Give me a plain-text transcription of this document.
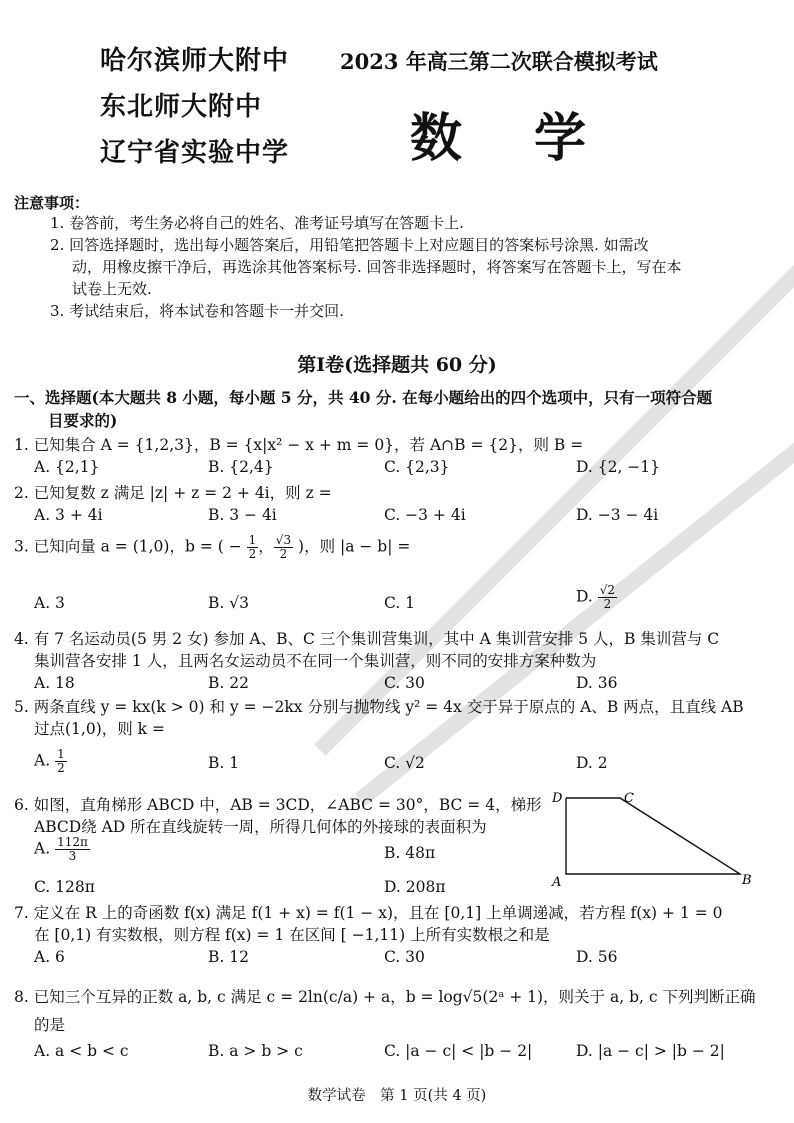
哈尔滨师大附中
东北师大附中
辽宁省实验中学
2023 年高三第二次联合模拟考试
数学
注意事项：
1. 卷答前，考生务必将自己的姓名、准考证号填写在答题卡上.
2. 回答选择题时，选出每小题答案后，用铅笔把答题卡上对应题目的答案标号涂黑. 如需改
动，用橡皮擦干净后，再选涂其他答案标号. 回答非选择题时，将答案写在答题卡上，写在本
试卷上无效.
3. 考试结束后，将本试卷和答题卡一并交回.
第Ⅰ卷(选择题共 60 分)
一、选择题(本大题共 8 小题，每小题 5 分，共 40 分. 在每小题给出的四个选项中，只有一项符合题
目要求的)
1. 已知集合 A = {1,2,3}，B = {x|x² − x + m = 0}，若 A∩B = {2}，则 B =
A. {2,1}	B. {2,4}	C. {2,3}	D. {2, −1}
2. 已知复数 z 满足 |z| + z = 2 + 4i，则 z =
A. 3 + 4i	B. 3 − 4i	C. −3 + 4i	D. −3 − 4i
3. 已知向量 a = (1,0)，b = ( − $\frac{1}{2}$ ， $\frac{√3}{2}$ )，则 |a − b| =
A. 3	B. √3	C. 1	D. $\frac{√2}{2}$
4. 有 7 名运动员(5 男 2 女) 参加 A、B、C 三个集训营集训，其中 A 集训营安排 5 人，B 集训营与 C
集训营各安排 1 人，且两名女运动员不在同一个集训营，则不同的安排方案种数为
A. 18	B. 22	C. 30	D. 36
5. 两条直线 y = kx(k > 0) 和 y = −2kx 分别与抛物线 y² = 4x 交于异于原点的 A、B 两点，且直线 AB
过点(1,0)，则 k =
A. $\frac{1}{2}$	B. 1	C. √2	D. 2
6. 如图，直角梯形 ABCD 中，AB = 3CD，∠ABC = 30°，BC = 4，梯形
ABCD绕 AD 所在直线旋转一周，所得几何体的外接球的表面积为
A. $\frac{112\pi}{3}$	B. 48π
C. 128π	D. 208π
D	C
A	B
7. 定义在 R 上的奇函数 f(x) 满足 f(1 + x) = f(1 − x)，且在 [0,1] 上单调递减，若方程 f(x) + 1 = 0
在 [0,1) 有实数根，则方程 f(x) = 1 在区间 [ −1,11) 上所有实数根之和是
A. 6	B. 12	C. 30	D. 56
8. 已知三个互异的正数 a, b, c 满足 c = 2ln(c/a) + a，b = log√5(2ᵃ + 1)，则关于 a, b, c 下列判断正确
的是
A. a < b < c	B. a > b > c	C. |a − c| < |b − 2|	D. |a − c| > |b − 2|
数学试卷　第 1 页(共 4 页)
